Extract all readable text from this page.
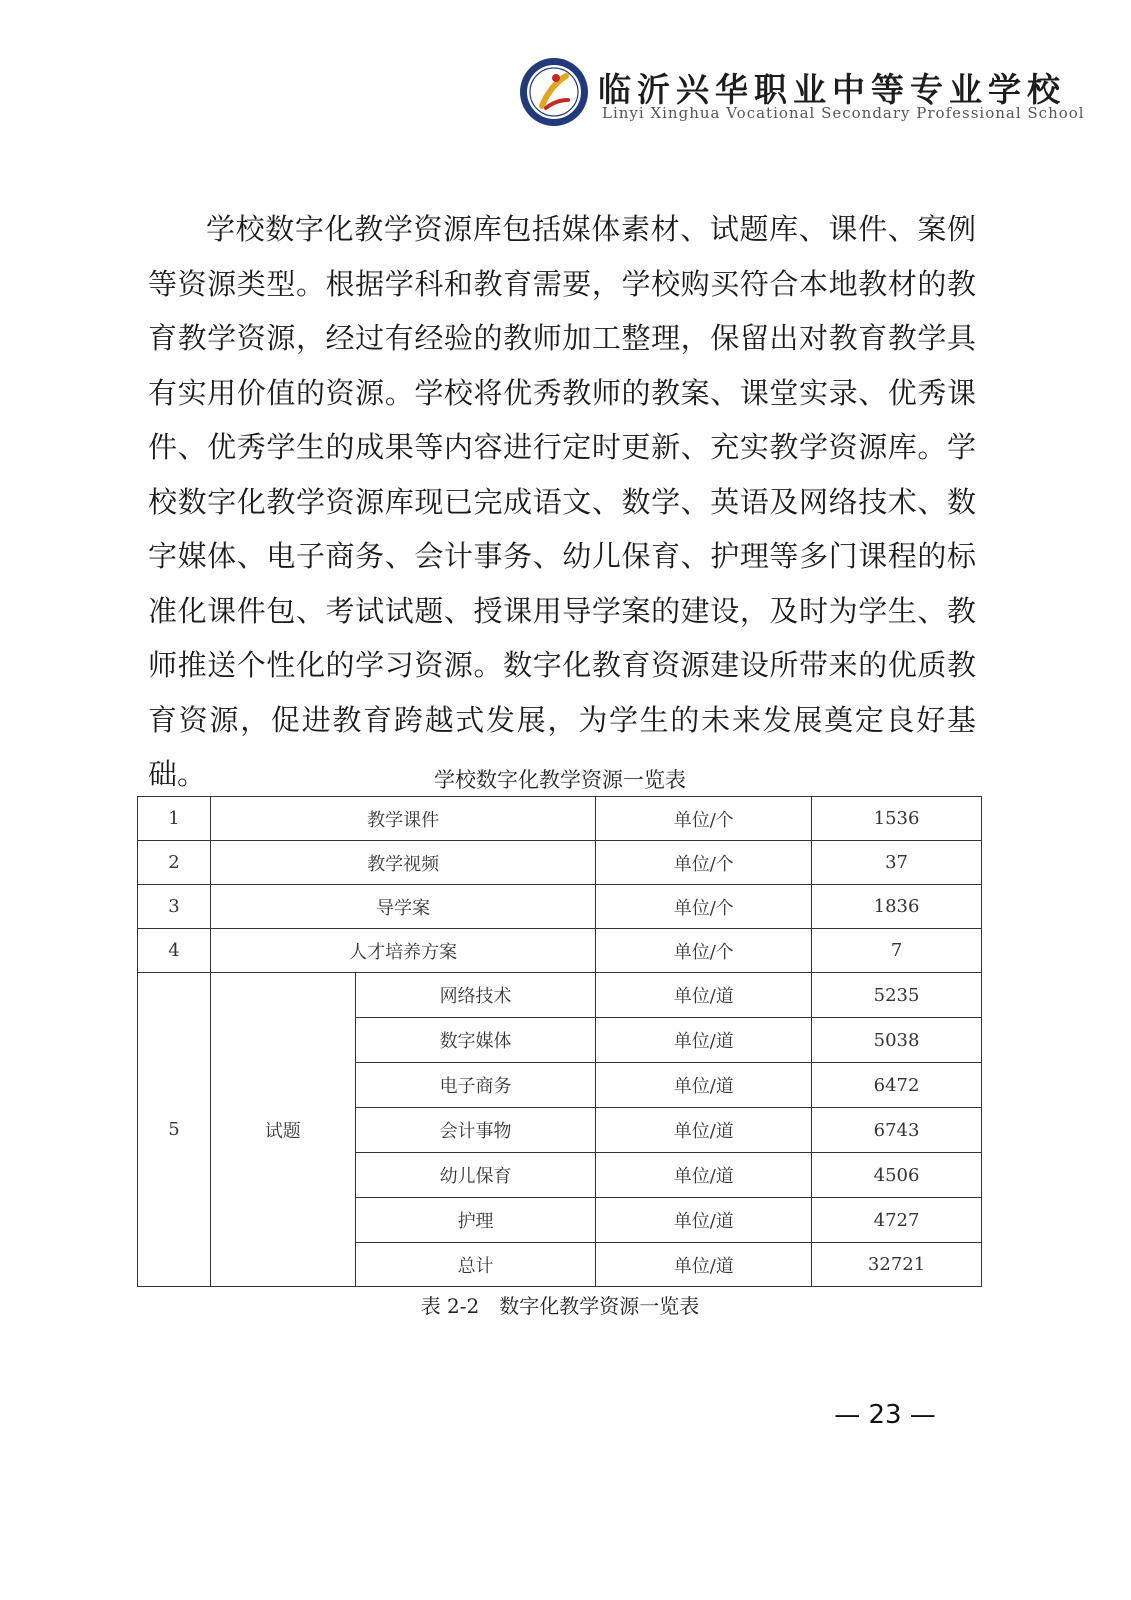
临沂兴华职业中等专业学校
Linyi Xinghua Vocational Secondary Professional School
学校数字化教学资源库包括媒体素材、试题库、课件、案例等资源类型。根据学科和教育需要，学校购买符合本地教材的教育教学资源，经过有经验的教师加工整理，保留出对教育教学具有实用价值的资源。学校将优秀教师的教案、课堂实录、优秀课件、优秀学生的成果等内容进行定时更新、充实教学资源库。学校数字化教学资源库现已完成语文、数学、英语及网络技术、数字媒体、电子商务、会计事务、幼儿保育、护理等多门课程的标准化课件包、考试试题、授课用导学案的建设，及时为学生、教师推送个性化的学习资源。数字化教育资源建设所带来的优质教育资源，促进教育跨越式发展，为学生的未来发展奠定良好基础。	学校数字化教学资源一览表
1	教学课件		单位/个	1536
2	教学视频		单位/个	37
3	导学案		单位/个	1836
4	人才培养方案		单位/个	7
5	试题	网络技术	单位/道	5235
		数字媒体	单位/道	5038
		电子商务	单位/道	6472
		会计事物	单位/道	6743
		幼儿保育	单位/道	4506
		护理	单位/道	4727
		总计	单位/道	32721
表 2-2　数字化教学资源一览表
— 23 —
